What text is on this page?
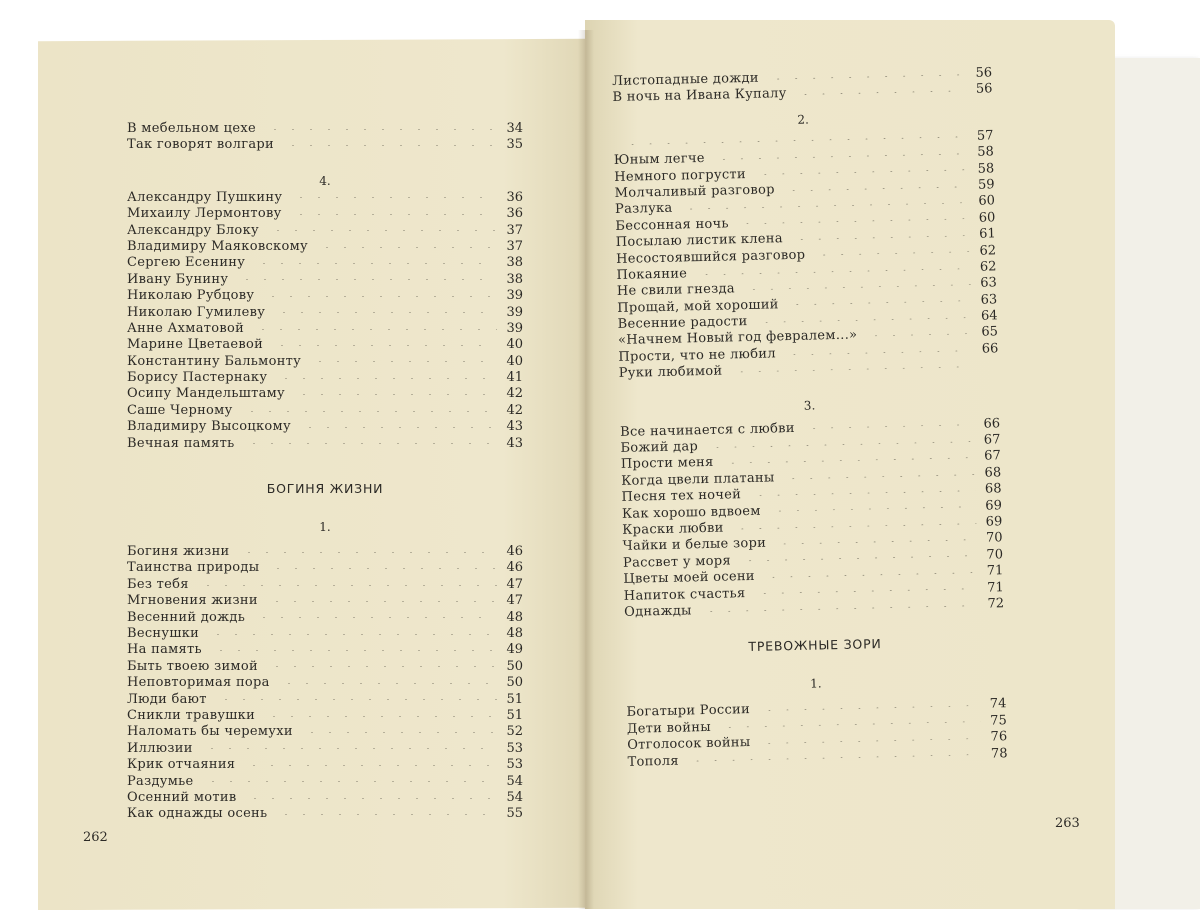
В мебельном цехе	34
Так говорят волгари	35
4.
Александру Пушкину	36
Михаилу Лермонтову	36
Александру Блоку	37
Владимиру Маяковскому	37
Сергею Есенину	38
Ивану Бунину	38
Николаю Рубцову	39
Николаю Гумилеву	39
Анне Ахматовой	39
Марине Цветаевой	40
Константину Бальмонту	40
Борису Пастернаку	41
Осипу Мандельштаму	42
Саше Черному	42
Владимиру Высоцкому	43
Вечная память	43
БОГИНЯ ЖИЗНИ
1.
Богиня жизни	46
Таинства природы	46
Без тебя	47
Мгновения жизни	47
Весенний дождь	48
Веснушки	48
На память	49
Быть твоею зимой	50
Неповторимая пора	50
Люди бают	51
Сникли травушки	51
Наломать бы черемухи	52
Иллюзии	53
Крик отчаяния	53
Раздумье	54
Осенний мотив	54
Как однажды осень	55
Листопадные дожди	56
В ночь на Ивана Купалу	56
2.
57
Юным легче	58
Немного погрусти	58
Молчаливый разговор	59
Разлука	60
Бессонная ночь	60
Посылаю листик клена	61
Несостоявшийся разговор	62
Покаяние	62
Не свили гнезда	63
Прощай, мой хороший	63
Весенние радости	64
«Начнем Новый год февралем...»	65
Прости, что не любил	66
Руки любимой
3.
Все начинается с любви	66
Божий дар	67
Прости меня	67
Когда цвели платаны	68
Песня тех ночей	68
Как хорошо вдвоем	69
Краски любви	69
Чайки и белые зори	70
Рассвет у моря	70
Цветы моей осени	71
Напиток счастья	71
Однажды	72
ТРЕВОЖНЫЕ ЗОРИ
1.
Богатыри России	74
Дети войны	75
Отголосок войны	76
Тополя	78
262
263
